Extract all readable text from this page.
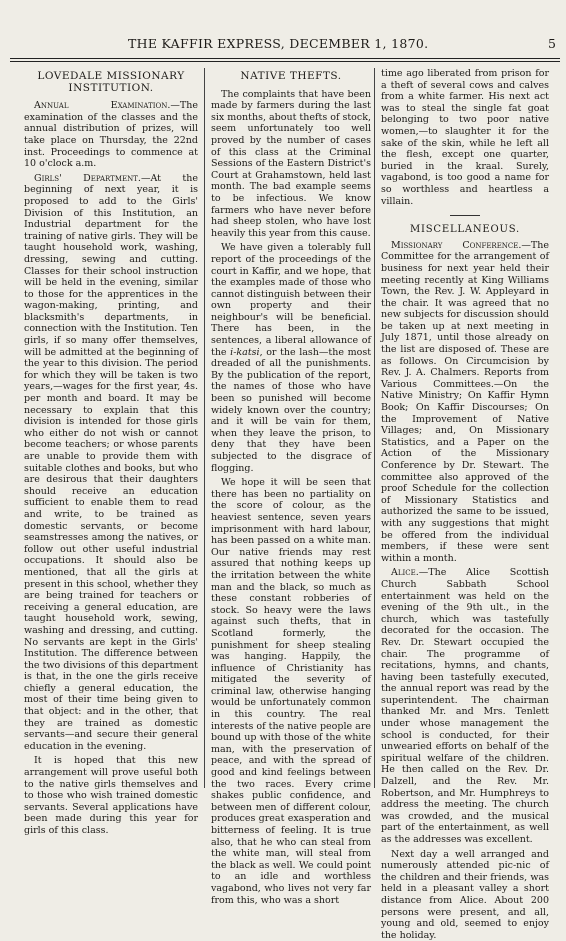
THE KAFFIR EXPRESS, DECEMBER 1, 1870.	5
LOVEDALE MISSIONARY INSTITUTION.

Annual Examination.—The examination of the classes and the annual distribution of prizes, will take place on Thursday, the 22nd inst. Proceedings to commence at 10 o'clock a.m.

Girls' Department.—At the beginning of next year, it is proposed to add to the Girls' Division of this Institution, an Industrial department for the training of native girls. They will be taught household work, washing, dressing, sewing and cutting. Classes for their school instruction will be held in the evening, similar to those for the apprentices in the wagon-making, printing, and blacksmith's departments, in connection with the Institution. Ten girls, if so many offer themselves, will be admitted at the beginning of the year to this division. The period for which they will be taken is two years,—wages for the first year, 4s. per month and board. It may be necessary to explain that this division is intended for those girls who either do not wish or cannot become teachers; or whose parents are unable to provide them with suitable clothes and books, but who are desirous that their daughters should receive an education sufficient to enable them to read and write, to be trained as domestic servants, or become seamstresses among the natives, or follow out other useful industrial occupations. It should also be mentioned, that all the girls at present in this school, whether they are being trained for teachers or receiving a general education, are taught household work, sewing, washing and dressing, and cutting. No servants are kept in the Girls' Institution. The difference between the two divisions of this department is that, in the one the girls receive chiefly a general education, the most of their time being given to that object: and in the other, that they are trained as domestic servants—and secure their general education in the evening.

It is hoped that this new arrangement will prove useful both to the native girls themselves and to those who wish trained domestic servants. Several applications have been made during this year for girls of this class.

NATIVE THEFTS.

The complaints that have been made by farmers during the last six months, about thefts of stock, seem unfortunately too well proved by the number of cases of this class at the Criminal Sessions of the Eastern District's Court at Grahamstown, held last month. The bad example seems to be infectious. We know farmers who have never before had sheep stolen, who have lost heavily this year from this cause.

We have given a tolerably full report of the proceedings of the court in Kaffir, and we hope, that the examples made of those who cannot distinguish between their own property and their neighbour's will be beneficial. There has been, in the sentences, a liberal allowance of the i-katsi, or the lash—the most dreaded of all the punishments. By the publication of the report, the names of those who have been so punished will become widely known over the country; and it will be vain for them, when they leave the prison, to deny that they have been subjected to the disgrace of flogging.

We hope it will be seen that there has been no partiality on the score of colour, as the heaviest sentence, seven years imprisonment with hard labour, has been passed on a white man. Our native friends may rest assured that nothing keeps up the irritation between the white man and the black, so much as these constant robberies of stock. So heavy were the laws against such thefts, that in Scotland formerly, the punishment for sheep stealing was hanging. Happily, the influence of Christianity has mitigated the severity of criminal law, otherwise hanging would be unfortunately common in this country. The real interests of the native people are bound up with those of the white man, with the preservation of peace, and with the spread of good and kind feelings between the two races. Every crime shakes public confidence, and between men of different colour, produces great exasperation and bitterness of feeling. It is true also, that he who can steal from the white man, will steal from the black as well. We could point to an idle and worthless vagabond, who lives not very far from this, who was a short

time ago liberated from prison for a theft of several cows and calves from a white farmer. His next act was to steal the single fat goat belonging to two poor native women,—to slaughter it for the sake of the skin, while he left all the flesh, except one quarter, buried in the kraal. Surely, vagabond, is too good a name for so worthless and heartless a villain.

MISCELLANEOUS.

Missionary Conference.—The Committee for the arrangement of business for next year held their meeting recently at King Williams Town, the Rev. J. W. Appleyard in the chair. It was agreed that no new subjects for discussion should be taken up at next meeting in July 1871, until those already on the list are disposed of. These are as follows. On Circumcision by Rev. J. A. Chalmers. Reports from Various Committees.—On the Native Ministry; On Kaffir Hymn Book; On Kaffir Discourses; On the Improvement of Native Villages; and, On Missionary Statistics, and a Paper on the Action of the Missionary Conference by Dr. Stewart. The committee also approved of the proof Schedule for the collection of Missionary Statistics and authorized the same to be issued, with any suggestions that might be offered from the individual members, if these were sent within a month.

Alice.—The Alice Scottish Church Sabbath School entertainment was held on the evening of the 9th ult., in the church, which was tastefully decorated for the occasion. The Rev. Dr. Stewart occupied the chair. The programme of recitations, hymns, and chants, having been tastefully executed, the annual report was read by the superintendent. The chairman thanked Mr. and Mrs. Tenlett under whose management the school is conducted, for their unwearied efforts on behalf of the spiritual welfare of the children. He then called on the Rev. Dr. Dalzell, and the Rev. Mr. Robertson, and Mr. Humphreys to address the meeting. The church was crowded, and the musical part of the entertainment, as well as the addresses was excellent.

Next day a well arranged and numerously attended pic-nic of the children and their friends, was held in a pleasant valley a short distance from Alice. About 200 persons were present, and all, young and old, seemed to enjoy the holiday.
